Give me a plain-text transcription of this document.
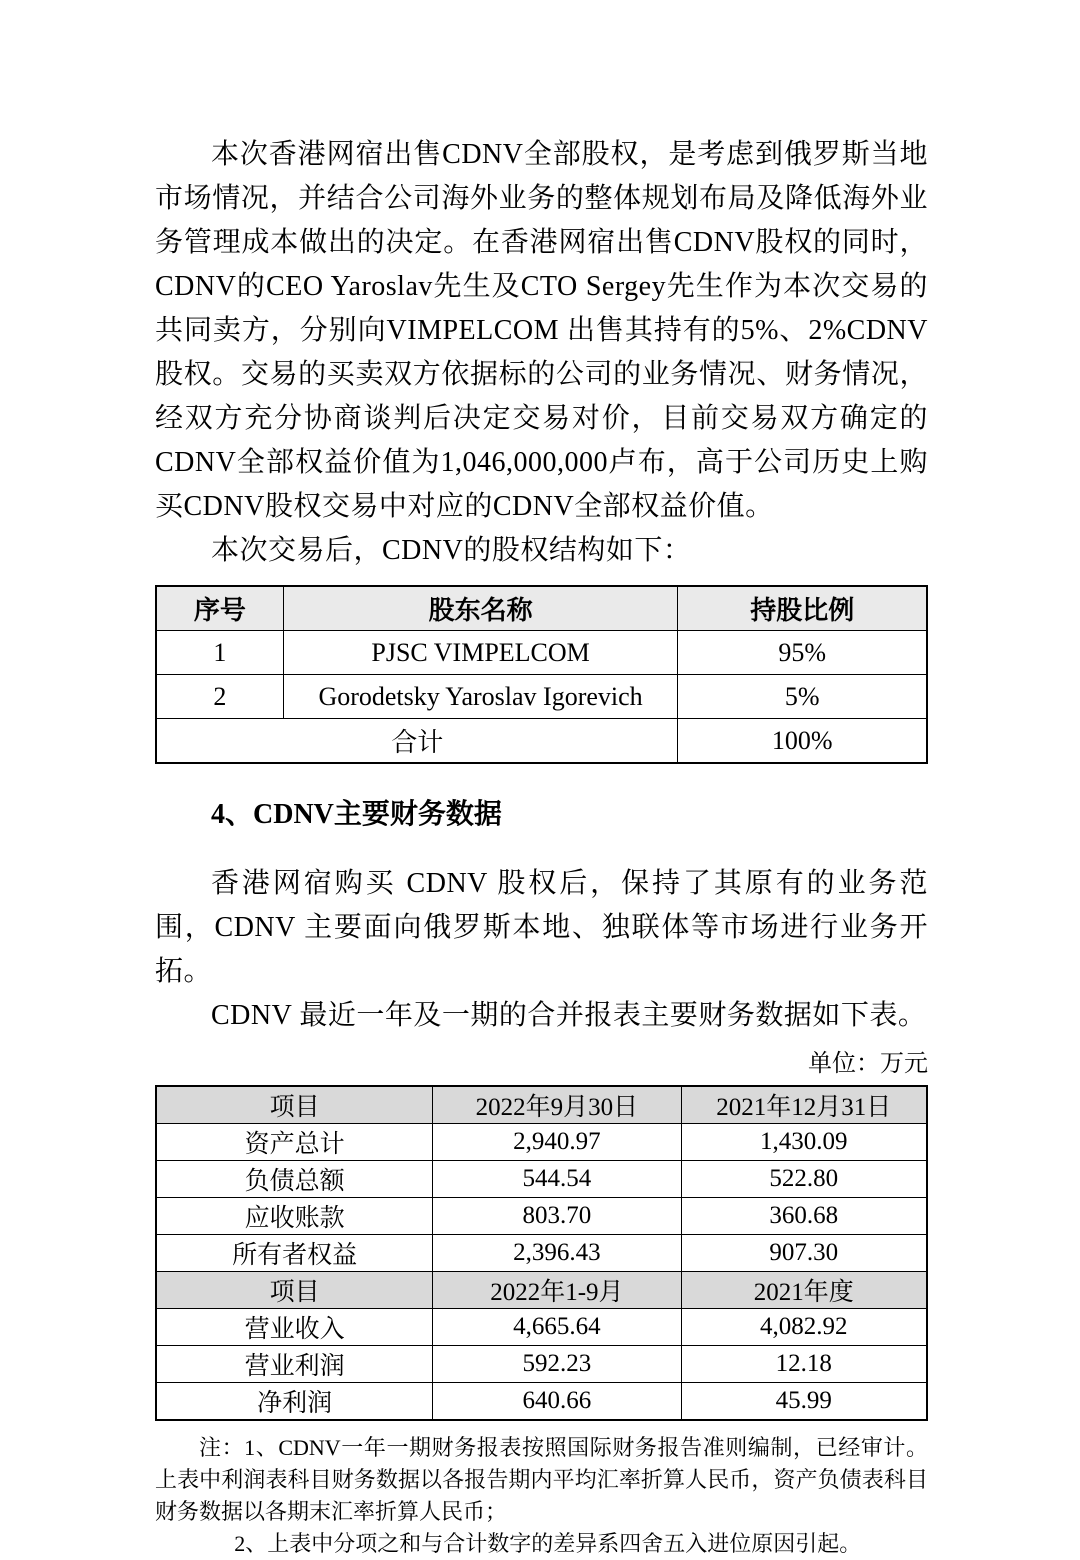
本次香港网宿出售CDNV全部股权，是考虑到俄罗斯当地市场情况，并结合公司海外业务的整体规划布局及降低海外业务管理成本做出的决定。在香港网宿出售CDNV股权的同时，CDNV的CEO Yaroslav先生及CTO Sergey先生作为本次交易的共同卖方，分别向VIMPELCOM 出售其持有的5%、2%CDNV股权。交易的买卖双方依据标的公司的业务情况、财务情况，经双方充分协商谈判后决定交易对价，目前交易双方确定的CDNV全部权益价值为1,046,000,000卢布，高于公司历史上购买CDNV股权交易中对应的CDNV全部权益价值。

本次交易后，CDNV的股权结构如下：

序号	股东名称	持股比例
1	PJSC VIMPELCOM	95%
2	Gorodetsky Yaroslav Igorevich	5%
合计		100%
4、CDNV主要财务数据

香港网宿购买 CDNV 股权后，保持了其原有的业务范围，CDNV 主要面向俄罗斯本地、独联体等市场进行业务开拓。

CDNV 最近一年及一期的合并报表主要财务数据如下表。

单位：万元
项目	2022年9月30日	2021年12月31日
资产总计	2,940.97	1,430.09
负债总额	544.54	522.80
应收账款	803.70	360.68
所有者权益	2,396.43	907.30
项目	2022年1-9月	2021年度
营业收入	4,665.64	4,082.92
营业利润	592.23	12.18
净利润	640.66	45.99

注：1、CDNV一年一期财务报表按照国际财务报告准则编制，已经审计。上表中利润表科目财务数据以各报告期内平均汇率折算人民币，资产负债表科目财务数据以各期末汇率折算人民币；

2、上表中分项之和与合计数字的差异系四舍五入进位原因引起。
